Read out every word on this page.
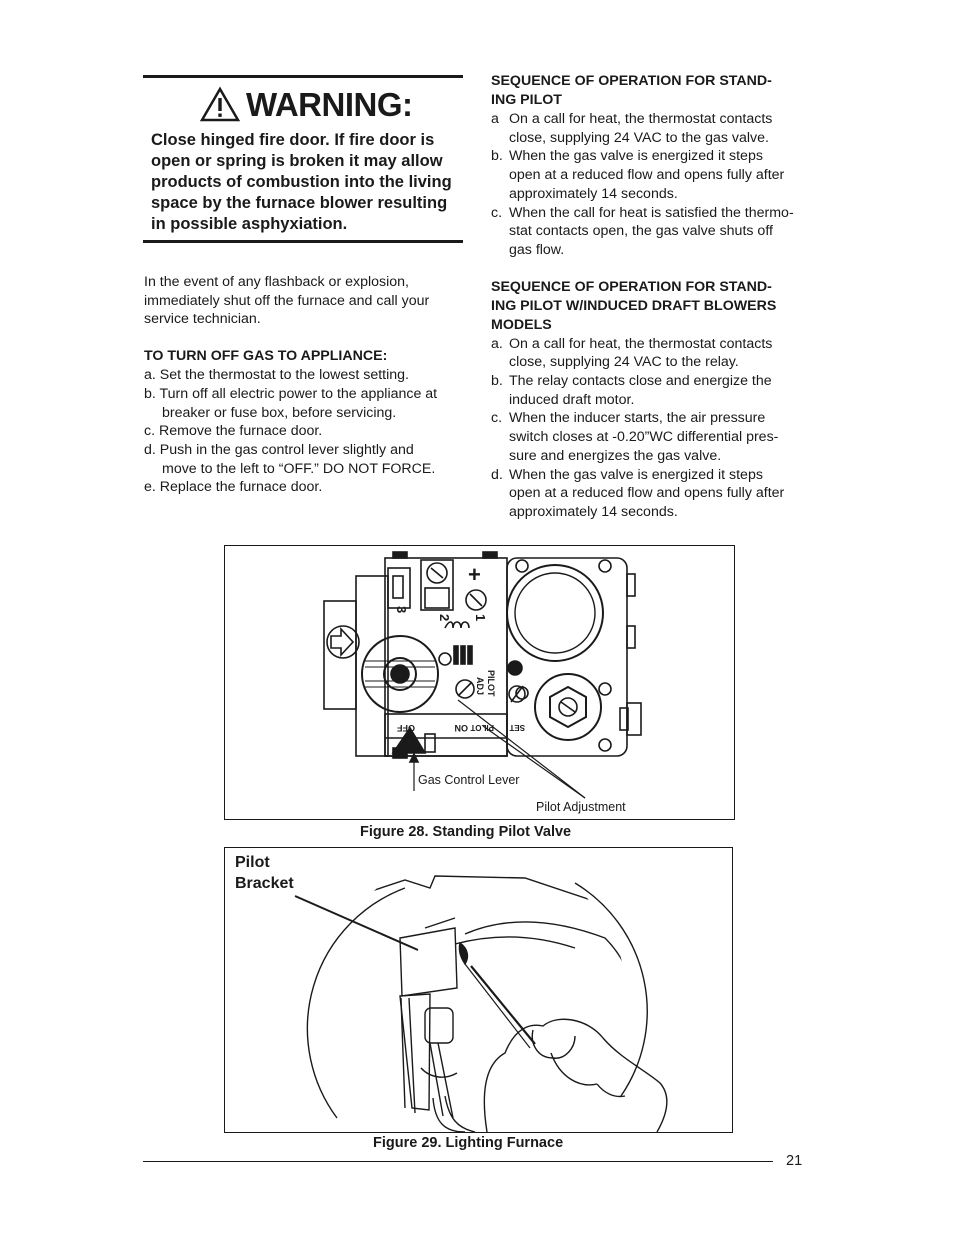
WARNING:
Close hinged fire door. If fire door is
open or spring is broken it may allow
products of combustion into the living
space by the furnace blower resulting
in possible asphyxiation.
In the event of any flashback or explosion,
immediately shut off the furnace and call your
service technician.
TO TURN OFF GAS TO APPLIANCE:
a. Set the thermostat to the lowest setting.
b. Turn off all electric power to the appliance at
breaker or fuse box, before servicing.
c. Remove the furnace door.
d. Push in the gas control lever slightly and
move to the left to “OFF.” DO NOT FORCE.
e. Replace the furnace door.
SEQUENCE OF OPERATION FOR STAND-
ING PILOT
a On a call for heat, the thermostat contacts
close, supplying 24 VAC to the gas valve.
b. When the gas valve is energized it steps
open at a reduced flow and opens fully after
approximately 14 seconds.
c. When the call for heat is satisfied the thermo-
stat contacts open, the gas valve shuts off
gas flow.
SEQUENCE OF OPERATION FOR STAND-
ING PILOT W/INDUCED DRAFT BLOWERS
MODELS
a. On a call for heat, the thermostat contacts
close, supplying 24 VAC to the relay.
b. The relay contacts close and energize the
induced draft motor.
c. When the inducer starts, the air pressure
switch closes at -0.20”WC differential pres-
sure and energizes the gas valve.
d. When the gas valve is energized it steps
open at a reduced flow and opens fully after
approximately 14 seconds.
3
2 1
+
PILOT
ADJ
OFF	ON PILOT SET
Gas Control Lever
Pilot Adjustment
Figure 28. Standing Pilot Valve
Pilot
Bracket
Figure 29. Lighting Furnace
21
